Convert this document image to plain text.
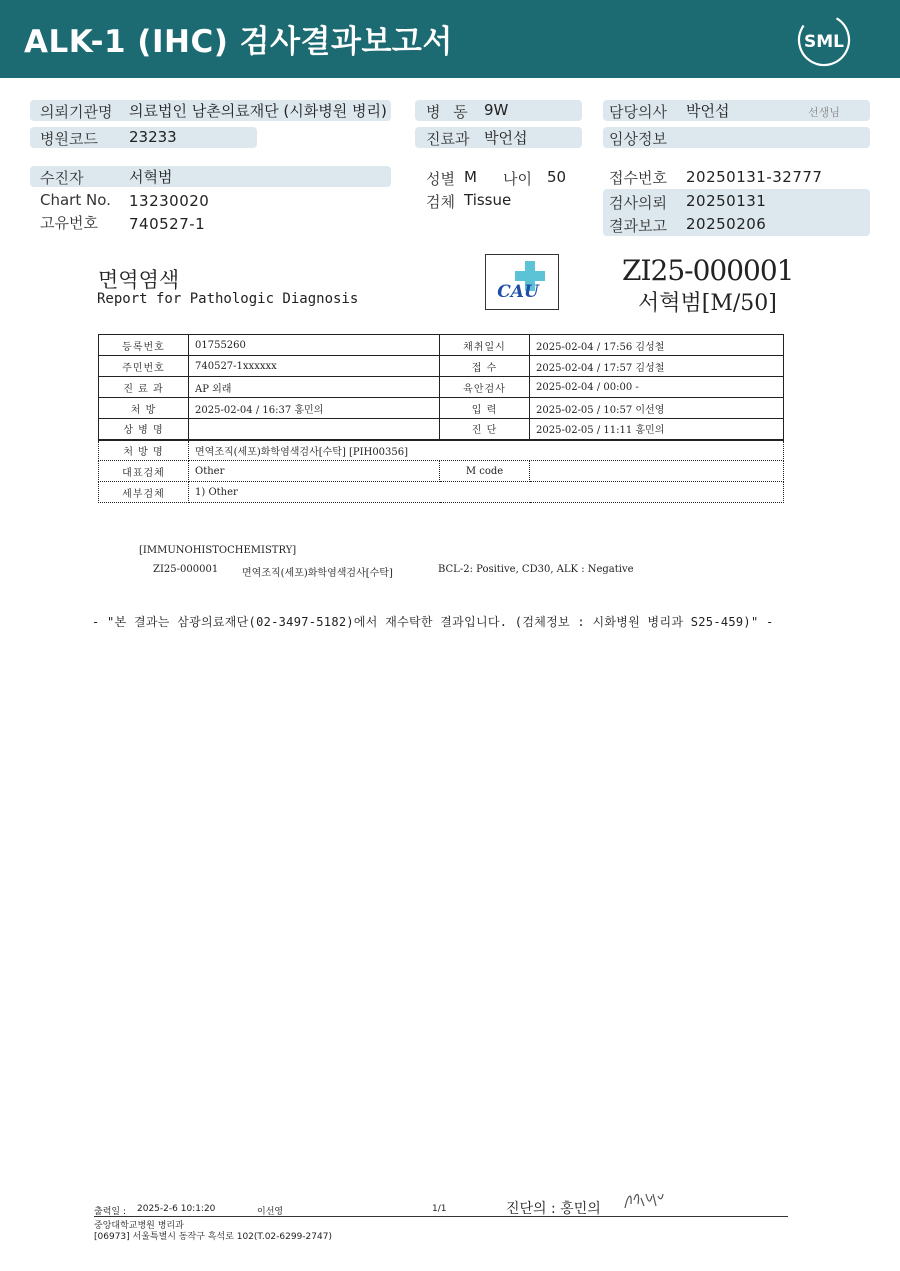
ALK-1 (IHC) 검사결과보고서	SML
의뢰기관명 의료법인 남촌의료재단 (시화병원 병리)
병원코드 23233
수진자	서혁범
Chart No. 13230020
고유번호 740527-1
병 동 9W
진료과 박언섭
성별 M 나이 50
검체 Tissue
담당의사 박언섭	선생님
임상정보
접수번호 20250131-32777
검사의뢰 20250131
결과보고 20250206
면역염색
Report for Pathologic Diagnosis	CAU
ZI25-000001
서혁범[M/50]
등록번호	01755260	채취일시	2025-02-04 / 17:56 김성철
주민번호	740527-1xxxxxx	접 수	2025-02-04 / 17:57 김성철
진 료 과	AP 외래	육안검사	2025-02-04 / 00:00 -
처 방	2025-02-04 / 16:37 홍민의	입 력	2025-02-05 / 10:57 이선영
상 병 명		진 단	2025-02-05 / 11:11 홍민의
처 방 명	면역조직(세포)화학염색검사[수탁] [PIH00356]		
대표검체	Other	M code	
세부검체	1) Other		
[IMMUNOHISTOCHEMISTRY]
ZI25-000001 면역조직(세포)화학염색검사[수탁]	BCL-2: Positive, CD30, ALK : Negative
- "본 결과는 삼광의료재단(02-3497-5182)에서 재수탁한 결과입니다. (검체정보 : 시화병원 병리과 S25-459)" -
출력일 : 2025-2-6 10:1:20	이선영	1/1	진단의 : 홍민의
중앙대학교병원 병리과
[06973] 서울특별시 동작구 흑석로 102(T.02-6299-2747)
